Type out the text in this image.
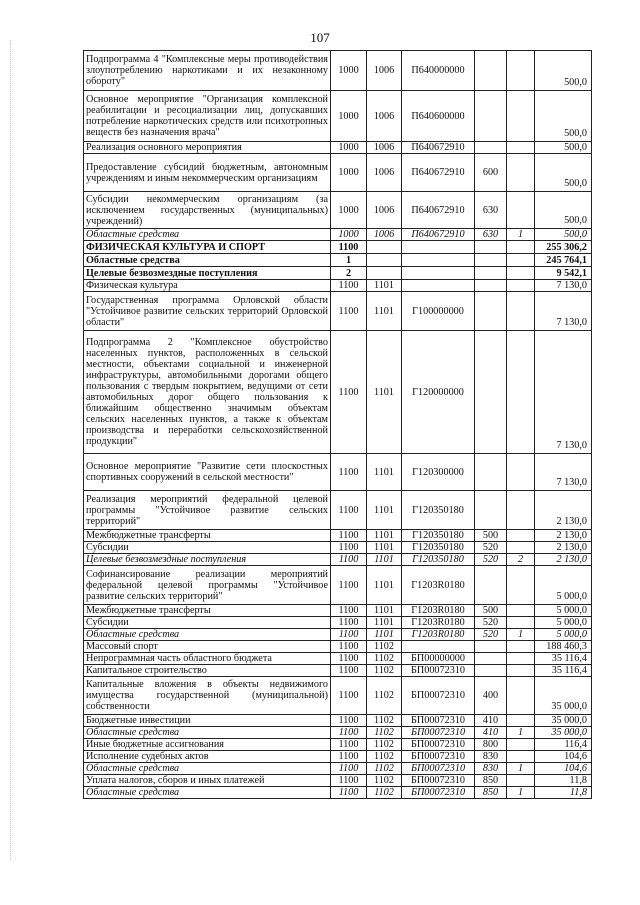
107
Подпрограмма 4 "Комплексные меры противодействия злоупотреблению наркотиками и их незаконному обороту"	1000	1006	П640000000			500,0
Основное мероприятие "Организация комплексной реабилитации и ресоциализации лиц, допускавших потребление наркотических средств или психотропных веществ без назначения врача"	1000	1006	П640600000			500,0
Реализация основного мероприятия	1000	1006	П640672910			500,0
Предоставление субсидий бюджетным, автономным учреждениям и иным некоммерческим организациям	1000	1006	П640672910	600		500,0
Субсидии некоммерческим организациям (за исключением государственных (муниципальных) учреждений)	1000	1006	П640672910	630		500,0
Областные средства	1000	1006	П640672910	630	1	500,0
ФИЗИЧЕСКАЯ КУЛЬТУРА И СПОРТ	1100					255 306,2
Областные средства	1					245 764,1
Целевые безвозмездные поступления	2					9 542,1
Физическая культура	1100	1101				7 130,0
Государственная программа Орловской области "Устойчивое развитие сельских территорий Орловской области"	1100	1101	Г100000000			7 130,0
Подпрограмма 2 "Комплексное обустройство населенных пунктов, расположенных в сельской местности, объектами социальной и инженерной инфраструктуры, автомобильными дорогами общего пользования с твердым покрытием, ведущими от сети автомобильных дорог общего пользования к ближайшим общественно значимым объектам сельских населенных пунктов, а также к объектам производства и переработки сельскохозяйственной продукции"	1100	1101	Г120000000			7 130,0
Основное мероприятие "Развитие сети плоскостных спортивных сооружений в сельской местности"	1100	1101	Г120300000			7 130,0
Реализация мероприятий федеральной целевой программы "Устойчивое развитие сельских территорий"	1100	1101	Г120350180			2 130,0
Межбюджетные трансферты	1100	1101	Г120350180	500		2 130,0
Субсидии	1100	1101	Г120350180	520		2 130,0
Целевые безвозмездные поступления	1100	1101	Г120350180	520	2	2 130,0
Софинансирование реализации мероприятий федеральной целевой программы "Устойчивое развитие сельских территорий"	1100	1101	Г1203R0180			5 000,0
Межбюджетные трансферты	1100	1101	Г1203R0180	500		5 000,0
Субсидии	1100	1101	Г1203R0180	520		5 000,0
Областные средства	1100	1101	Г1203R0180	520	1	5 000,0
Массовый спорт	1100	1102				188 460,3
Непрограммная часть областного бюджета	1100	1102	БП00000000			35 116,4
Капитальное строительство	1100	1102	БП00072310			35 116,4
Капитальные вложения в объекты недвижимого имущества государственной (муниципальной) собственности	1100	1102	БП00072310	400		35 000,0
Бюджетные инвестиции	1100	1102	БП00072310	410		35 000,0
Областные средства	1100	1102	БП00072310	410	1	35 000,0
Иные бюджетные ассигнования	1100	1102	БП00072310	800		116,4
Исполнение судебных актов	1100	1102	БП00072310	830		104,6
Областные средства	1100	1102	БП00072310	830	1	104,6
Уплата налогов, сборов и иных платежей	1100	1102	БП00072310	850		11,8
Областные средства	1100	1102	БП00072310	850	1	11,8
